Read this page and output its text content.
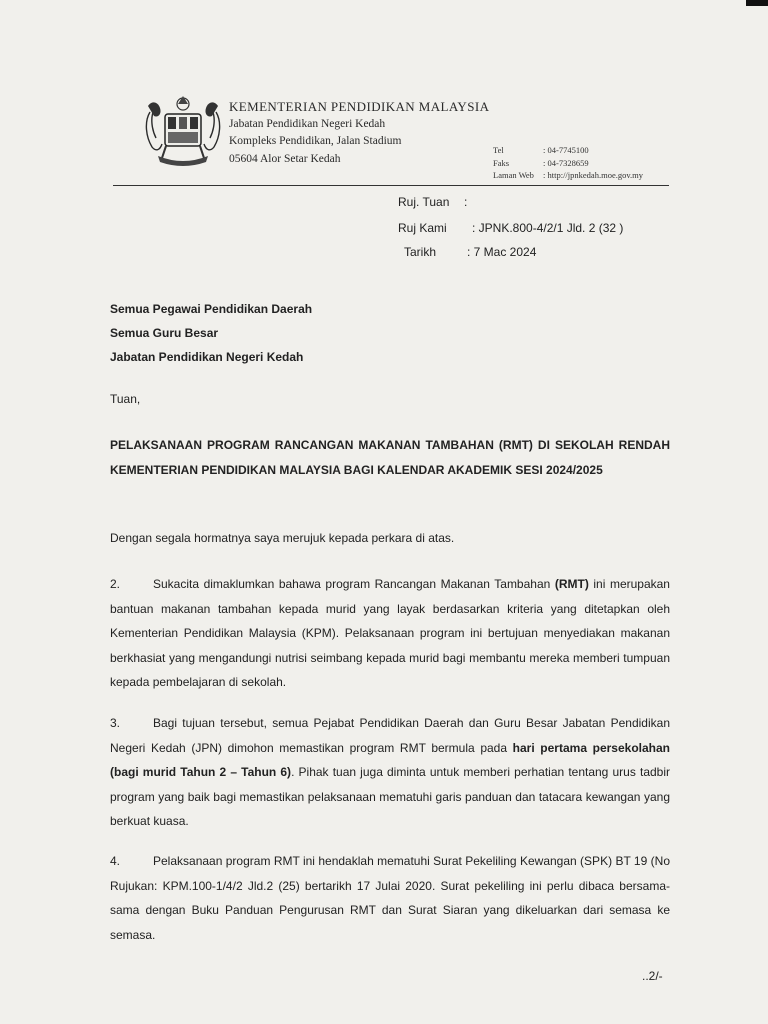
KEMENTERIAN PENDIDIKAN MALAYSIA
Jabatan Pendidikan Negeri Kedah
Kompleks Pendidikan, Jalan Stadium
05604 Alor Setar Kedah
Tel	: 04-7745100
Faks	: 04-7328659
Laman Web	: http://jpnkedah.moe.gov.my
Ruj. Tuan :
Ruj Kami : JPNK.800-4/2/1 Jld. 2 (32 )
Tarikh	: 7 Mac 2024
Semua Pegawai Pendidikan Daerah
Semua Guru Besar
Jabatan Pendidikan Negeri Kedah
Tuan,
PELAKSANAAN PROGRAM RANCANGAN MAKANAN TAMBAHAN (RMT) DI SEKOLAH RENDAH KEMENTERIAN PENDIDIKAN MALAYSIA BAGI KALENDAR AKADEMIK SESI 2024/2025
Dengan segala hormatnya saya merujuk kepada perkara di atas.
2.	Sukacita dimaklumkan bahawa program Rancangan Makanan Tambahan (RMT) ini merupakan bantuan makanan tambahan kepada murid yang layak berdasarkan kriteria yang ditetapkan oleh Kementerian Pendidikan Malaysia (KPM). Pelaksanaan program ini bertujuan menyediakan makanan berkhasiat yang mengandungi nutrisi seimbang kepada murid bagi membantu mereka memberi tumpuan kepada pembelajaran di sekolah.
3.	Bagi tujuan tersebut, semua Pejabat Pendidikan Daerah dan Guru Besar Jabatan Pendidikan Negeri Kedah (JPN) dimohon memastikan program RMT bermula pada hari pertama persekolahan (bagi murid Tahun 2 – Tahun 6). Pihak tuan juga diminta untuk memberi perhatian tentang urus tadbir program yang baik bagi memastikan pelaksanaan mematuhi garis panduan dan tatacara kewangan yang berkuat kuasa.
4.	Pelaksanaan program RMT ini hendaklah mematuhi Surat Pekeliling Kewangan (SPK) BT 19 (No Rujukan: KPM.100-1/4/2 Jld.2 (25) bertarikh 17 Julai 2020. Surat pekeliling ini perlu dibaca bersama-sama dengan Buku Panduan Pengurusan RMT dan Surat Siaran yang dikeluarkan dari semasa ke semasa.
..2/-
